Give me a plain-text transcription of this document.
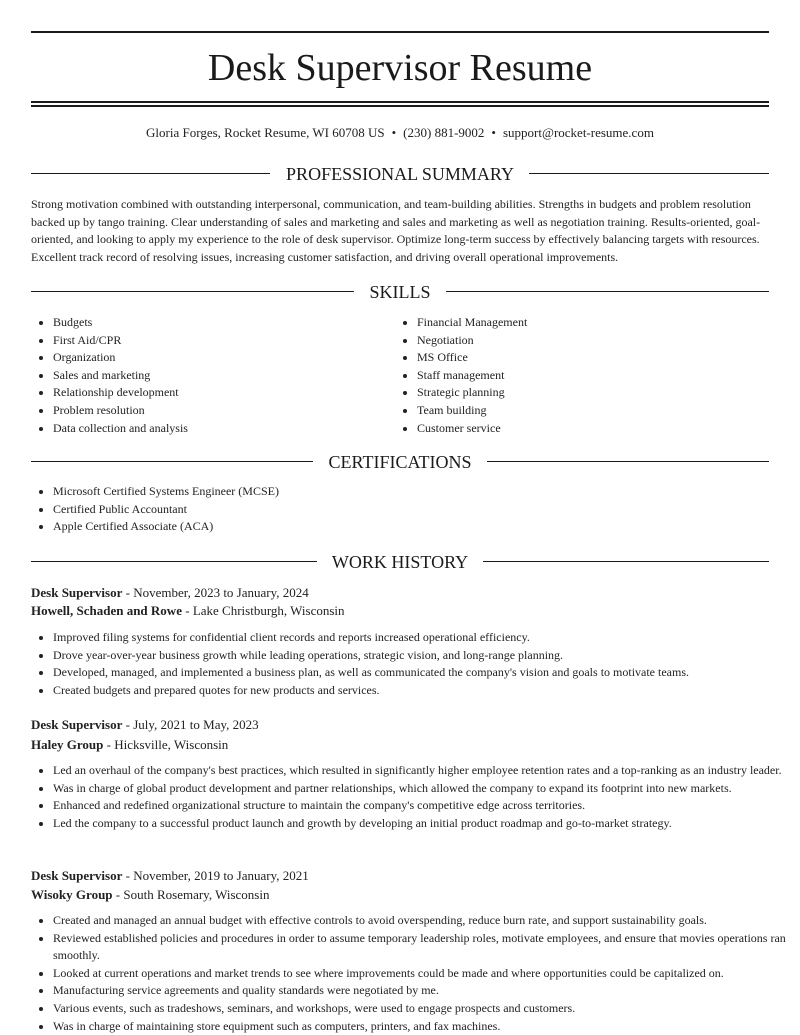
Desk Supervisor Resume
Gloria Forges, Rocket Resume, WI 60708 US • (230) 881-9002 • support@rocket-resume.com
PROFESSIONAL SUMMARY

Strong motivation combined with outstanding interpersonal, communication, and team-building abilities. Strengths in budgets and problem resolution backed up by tango training. Clear understanding of sales and marketing and sales and marketing as well as negotiation training. Results-oriented, goal-oriented, and looking to apply my experience to the role of desk supervisor. Optimize long-term success by effectively balancing targets with resources. Excellent track record of resolving issues, increasing customer satisfaction, and driving overall operational improvements.

SKILLS
• Budgets
• First Aid/CPR
• Organization
• Sales and marketing
• Relationship development
• Problem resolution
• Data collection and analysis
• Financial Management
• Negotiation
• MS Office
• Staff management
• Strategic planning
• Team building
• Customer service
CERTIFICATIONS
• Microsoft Certified Systems Engineer (MCSE)
• Certified Public Accountant
• Apple Certified Associate (ACA)
WORK HISTORY
Desk Supervisor - November, 2023 to January, 2024
Howell, Schaden and Rowe - Lake Christburgh, Wisconsin
• Improved filing systems for confidential client records and reports increased operational efficiency.
• Drove year-over-year business growth while leading operations, strategic vision, and long-range planning.
• Developed, managed, and implemented a business plan, as well as communicated the company's vision and goals to motivate teams.
• Created budgets and prepared quotes for new products and services.
Desk Supervisor - July, 2021 to May, 2023
Haley Group - Hicksville, Wisconsin
• Led an overhaul of the company's best practices, which resulted in significantly higher employee retention rates and a top-ranking as an industry leader.
• Was in charge of global product development and partner relationships, which allowed the company to expand its footprint into new markets.
• Enhanced and redefined organizational structure to maintain the company's competitive edge across territories.
• Led the company to a successful product launch and growth by developing an initial product roadmap and go-to-market strategy.
Desk Supervisor - November, 2019 to January, 2021
Wisoky Group - South Rosemary, Wisconsin
• Created and managed an annual budget with effective controls to avoid overspending, reduce burn rate, and support sustainability goals.
• Reviewed established policies and procedures in order to assume temporary leadership roles, motivate employees, and ensure that movies operations ran smoothly.
• Looked at current operations and market trends to see where improvements could be made and where opportunities could be capitalized on.
• Manufacturing service agreements and quality standards were negotiated by me.
• Various events, such as tradeshows, seminars, and workshops, were used to engage prospects and customers.
• Was in charge of maintaining store equipment such as computers, printers, and fax machines.
